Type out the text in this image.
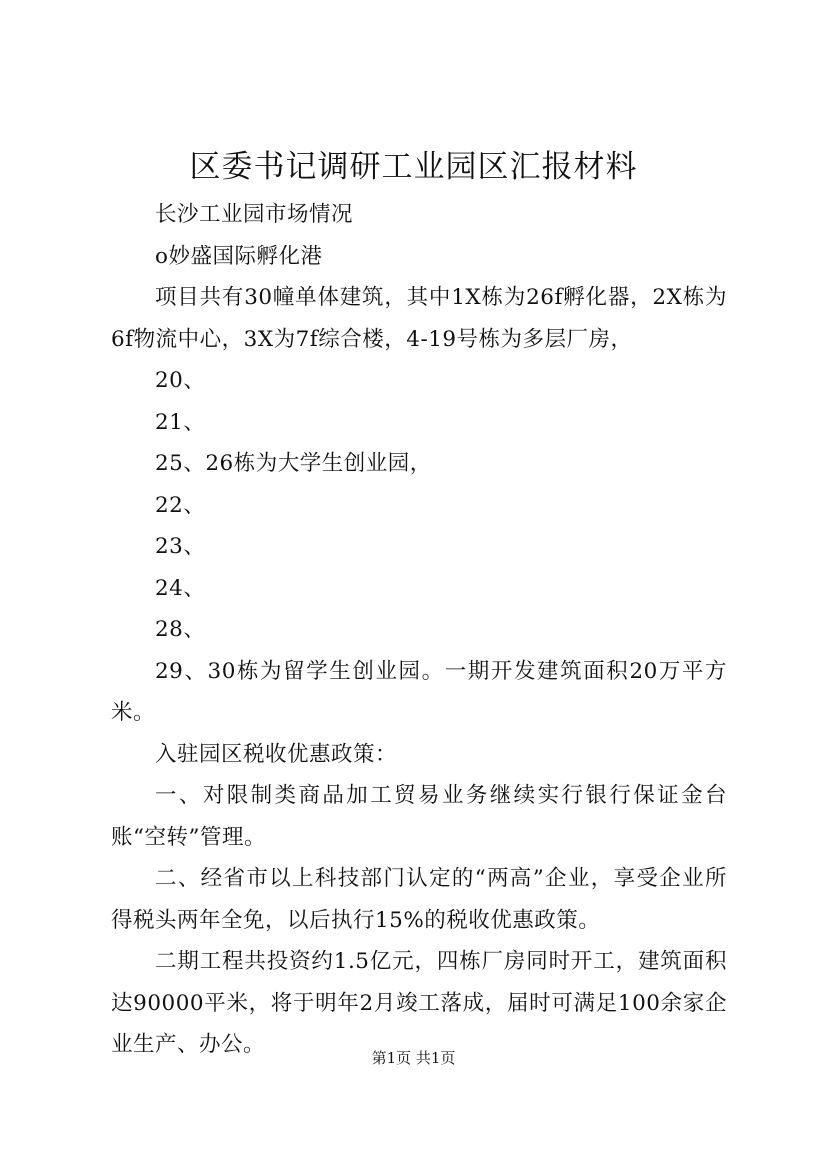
区委书记调研工业园区汇报材料

长沙工业园市场情况

o妙盛国际孵化港

项目共有30幢单体建筑，其中1X栋为26f孵化器，2X栋为6f物流中心，3X为7f综合楼，4-19号栋为多层厂房，

20、

21、

25、26栋为大学生创业园，

22、

23、

24、

28、

29、30栋为留学生创业园。一期开发建筑面积20万平方米。

入驻园区税收优惠政策：

一、对限制类商品加工贸易业务继续实行银行保证金台账“空转”管理。

二、经省市以上科技部门认定的“两高”企业，享受企业所得税头两年全免，以后执行15%的税收优惠政策。

二期工程共投资约1.5亿元，四栋厂房同时开工，建筑面积达90000平米，将于明年2月竣工落成，届时可满足100余家企业生产、办公。

第1页 共1页
